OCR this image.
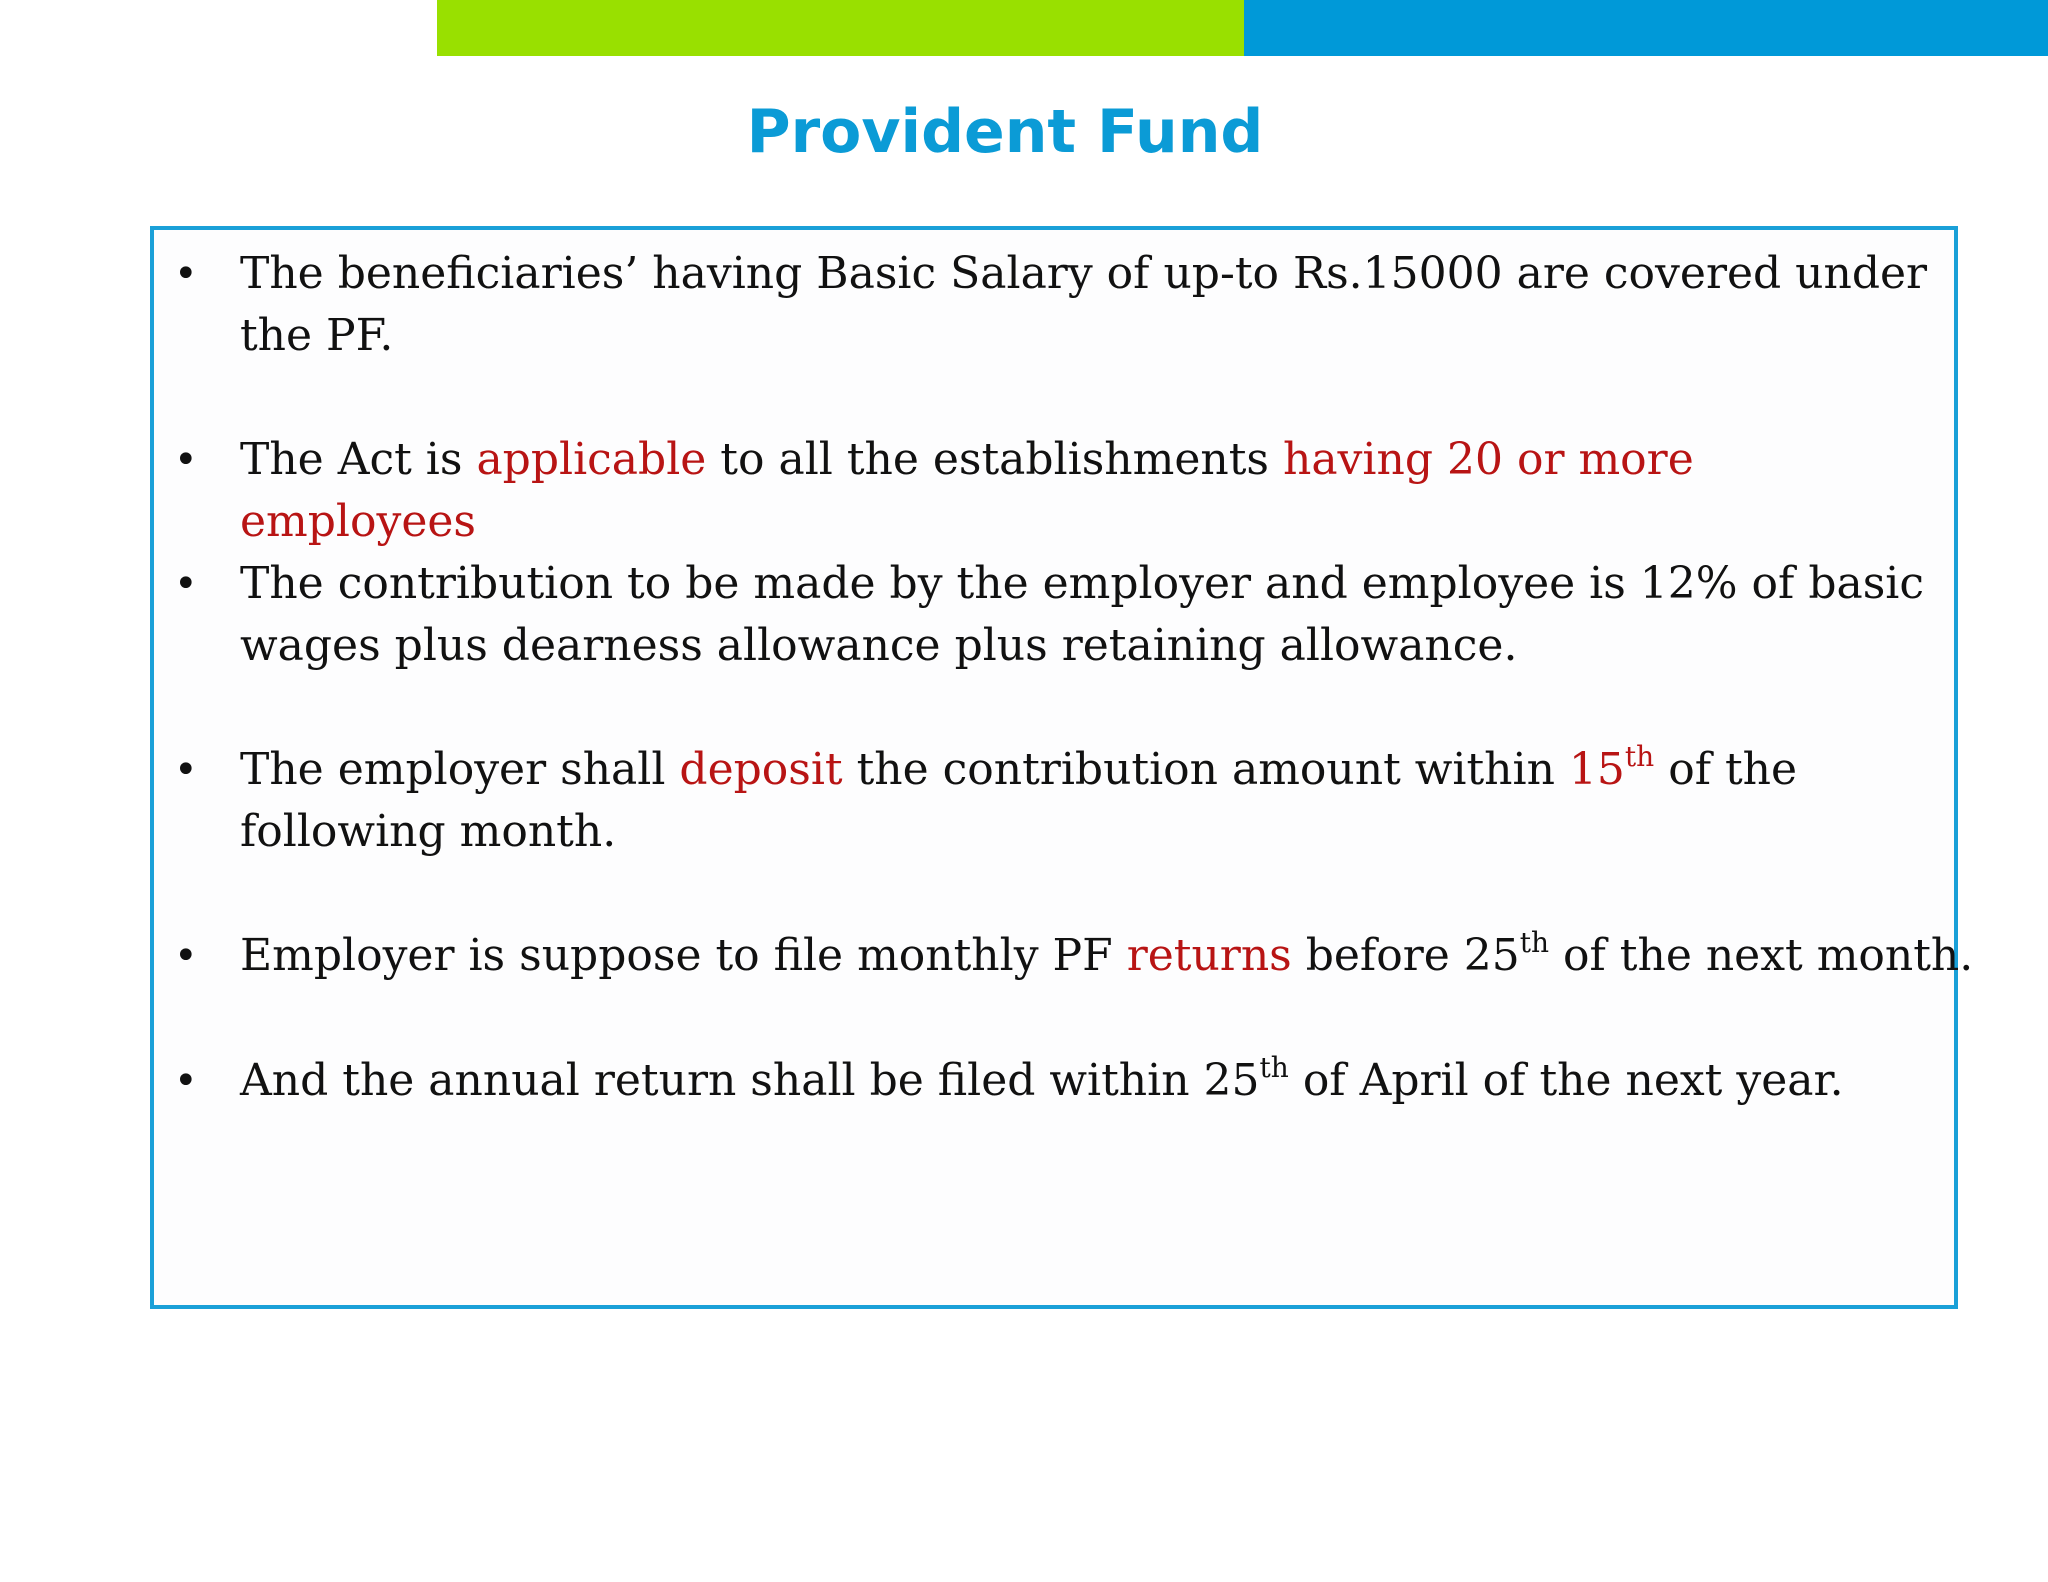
Provident Fund
• The beneficiaries’ having Basic Salary of up-to Rs.15000 are covered under the PF.
• The Act is applicable to all the establishments having 20 or more employees
• The contribution to be made by the employer and employee is 12% of basic wages plus dearness allowance plus retaining allowance.
• The employer shall deposit the contribution amount within 15th of the following month.
• Employer is suppose to file monthly PF returns before 25th of the next month.
• And the annual return shall be filed within 25th of April of the next year.
